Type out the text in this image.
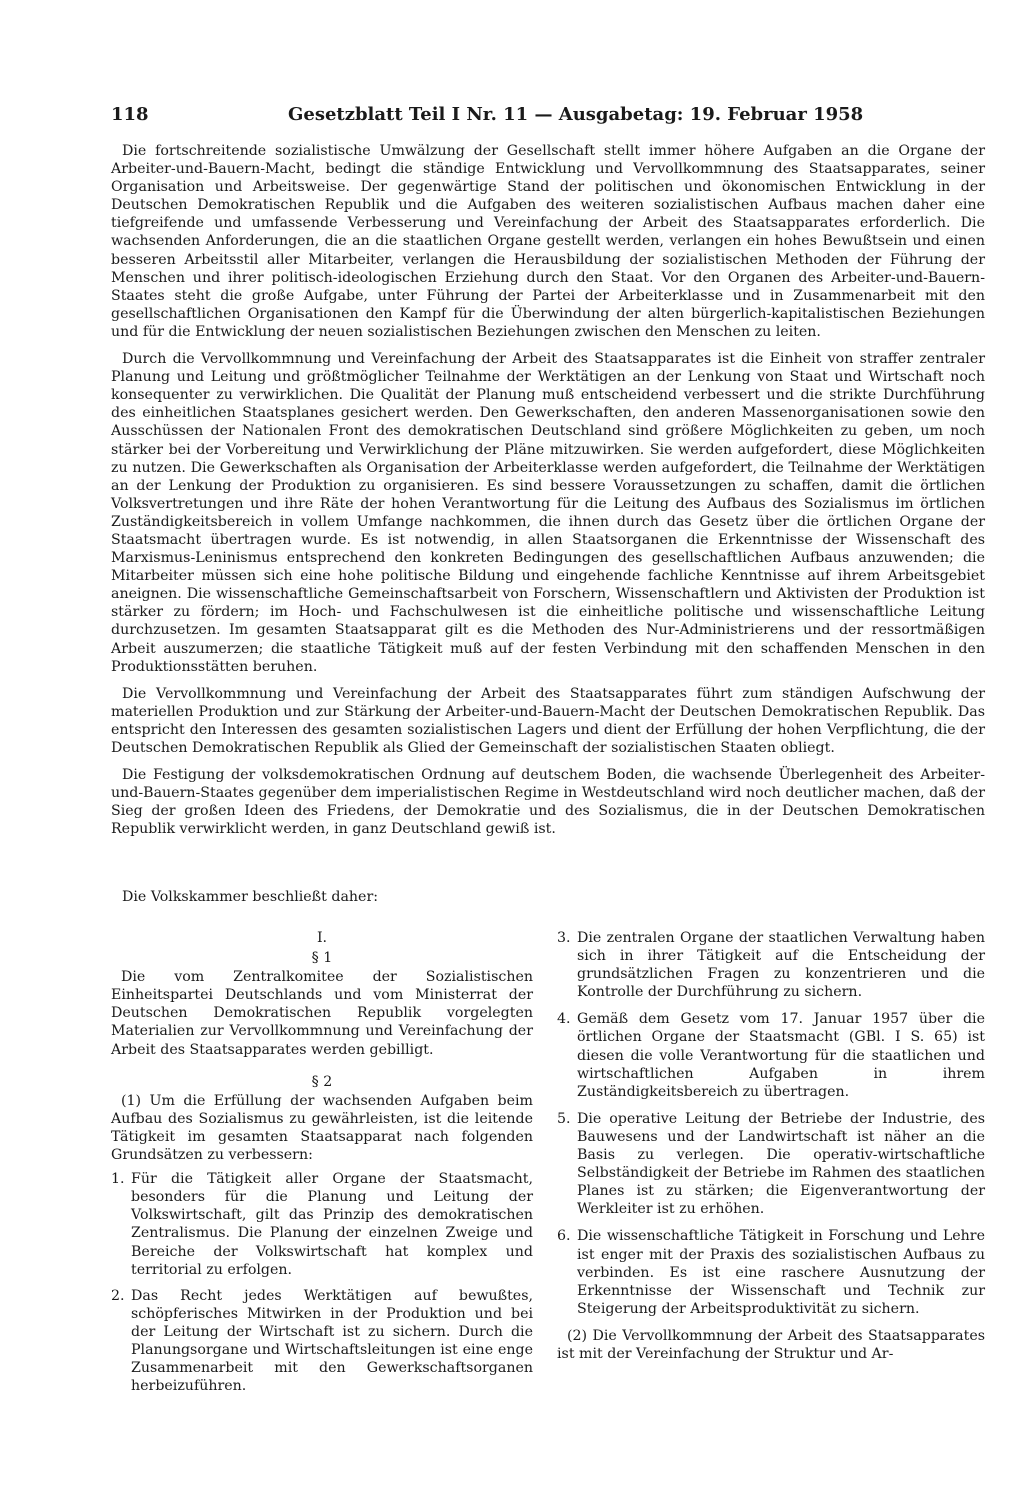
118	Gesetzblatt Teil I Nr. 11 — Ausgabetag: 19. Februar 1958

Die fortschreitende sozialistische Umwälzung der Gesellschaft stellt immer höhere Aufgaben an die Organe der Arbeiter-und-Bauern-Macht, bedingt die ständige Entwicklung und Vervollkommnung des Staatsapparates, seiner Organisation und Arbeitsweise. Der gegenwärtige Stand der politischen und ökonomischen Entwicklung in der Deutschen Demokratischen Republik und die Aufgaben des weiteren sozialistischen Aufbaus machen daher eine tiefgreifende und umfassende Verbesserung und Vereinfachung der Arbeit des Staatsapparates erforderlich. Die wachsenden Anforderungen, die an die staatlichen Organe gestellt werden, verlangen ein hohes Bewußtsein und einen besseren Arbeitsstil aller Mitarbeiter, verlangen die Herausbildung der sozialistischen Methoden der Führung der Menschen und ihrer politisch-ideologischen Erziehung durch den Staat. Vor den Organen des Arbeiter-und-Bauern-Staates steht die große Aufgabe, unter Führung der Partei der Arbeiterklasse und in Zusammenarbeit mit den gesellschaftlichen Organisationen den Kampf für die Überwindung der alten bürgerlich-kapitalistischen Beziehungen und für die Entwicklung der neuen sozialistischen Beziehungen zwischen den Menschen zu leiten.

Durch die Vervollkommnung und Vereinfachung der Arbeit des Staatsapparates ist die Einheit von straffer zentraler Planung und Leitung und größtmöglicher Teilnahme der Werktätigen an der Lenkung von Staat und Wirtschaft noch konsequenter zu verwirklichen. Die Qualität der Planung muß entscheidend verbessert und die strikte Durchführung des einheitlichen Staatsplanes gesichert werden. Den Gewerkschaften, den anderen Massenorganisationen sowie den Ausschüssen der Nationalen Front des demokratischen Deutschland sind größere Möglichkeiten zu geben, um noch stärker bei der Vorbereitung und Verwirklichung der Pläne mitzuwirken. Sie werden aufgefordert, diese Möglichkeiten zu nutzen. Die Gewerkschaften als Organisation der Arbeiterklasse werden aufgefordert, die Teilnahme der Werktätigen an der Lenkung der Produktion zu organisieren. Es sind bessere Voraussetzungen zu schaffen, damit die örtlichen Volksvertretungen und ihre Räte der hohen Verantwortung für die Leitung des Aufbaus des Sozialismus im örtlichen Zuständigkeitsbereich in vollem Umfange nachkommen, die ihnen durch das Gesetz über die örtlichen Organe der Staatsmacht übertragen wurde. Es ist notwendig, in allen Staatsorganen die Erkenntnisse der Wissenschaft des Marxismus-Leninismus entsprechend den konkreten Bedingungen des gesellschaftlichen Aufbaus anzuwenden; die Mitarbeiter müssen sich eine hohe politische Bildung und eingehende fachliche Kenntnisse auf ihrem Arbeitsgebiet aneignen. Die wissenschaftliche Gemeinschaftsarbeit von Forschern, Wissenschaftlern und Aktivisten der Produktion ist stärker zu fördern; im Hoch- und Fachschulwesen ist die einheitliche politische und wissenschaftliche Leitung durchzusetzen. Im gesamten Staatsapparat gilt es die Methoden des Nur-Administrierens und der ressortmäßigen Arbeit auszumerzen; die staatliche Tätigkeit muß auf der festen Verbindung mit den schaffenden Menschen in den Produktionsstätten beruhen.

Die Vervollkommnung und Vereinfachung der Arbeit des Staatsapparates führt zum ständigen Aufschwung der materiellen Produktion und zur Stärkung der Arbeiter-und-Bauern-Macht der Deutschen Demokratischen Republik. Das entspricht den Interessen des gesamten sozialistischen Lagers und dient der Erfüllung der hohen Verpflichtung, die der Deutschen Demokratischen Republik als Glied der Gemeinschaft der sozialistischen Staaten obliegt.

Die Festigung der volksdemokratischen Ordnung auf deutschem Boden, die wachsende Überlegenheit des Arbeiter-und-Bauern-Staates gegenüber dem imperialistischen Regime in Westdeutschland wird noch deutlicher machen, daß der Sieg der großen Ideen des Friedens, der Demokratie und des Sozialismus, die in der Deutschen Demokratischen Republik verwirklicht werden, in ganz Deutschland gewiß ist.

Die Volkskammer beschließt daher:

I.

§ 1

Die vom Zentralkomitee der Sozialistischen Einheitspartei Deutschlands und vom Ministerrat der Deutschen Demokratischen Republik vorgelegten Materialien zur Vervollkommnung und Vereinfachung der Arbeit des Staatsapparates werden gebilligt.

§ 2

(1) Um die Erfüllung der wachsenden Aufgaben beim Aufbau des Sozialismus zu gewährleisten, ist die leitende Tätigkeit im gesamten Staatsapparat nach folgenden Grundsätzen zu verbessern:

1. Für die Tätigkeit aller Organe der Staatsmacht, besonders für die Planung und Leitung der Volkswirtschaft, gilt das Prinzip des demokratischen Zentralismus. Die Planung der einzelnen Zweige und Bereiche der Volkswirtschaft hat komplex und territorial zu erfolgen.
2. Das Recht jedes Werktätigen auf bewußtes, schöpferisches Mitwirken in der Produktion und bei der Leitung der Wirtschaft ist zu sichern. Durch die Planungsorgane und Wirtschaftsleitungen ist eine enge Zusammenarbeit mit den Gewerkschaftsorganen herbeizuführen.
3. Die zentralen Organe der staatlichen Verwaltung haben sich in ihrer Tätigkeit auf die Entscheidung der grundsätzlichen Fragen zu konzentrieren und die Kontrolle der Durchführung zu sichern.
4. Gemäß dem Gesetz vom 17. Januar 1957 über die örtlichen Organe der Staatsmacht (GBl. I S. 65) ist diesen die volle Verantwortung für die staatlichen und wirtschaftlichen Aufgaben in ihrem Zuständigkeitsbereich zu übertragen.
5. Die operative Leitung der Betriebe der Industrie, des Bauwesens und der Landwirtschaft ist näher an die Basis zu verlegen. Die operativ-wirtschaftliche Selbständigkeit der Betriebe im Rahmen des staatlichen Planes ist zu stärken; die Eigenverantwortung der Werkleiter ist zu erhöhen.
6. Die wissenschaftliche Tätigkeit in Forschung und Lehre ist enger mit der Praxis des sozialistischen Aufbaus zu verbinden. Es ist eine raschere Ausnutzung der Erkenntnisse der Wissenschaft und Technik zur Steigerung der Arbeitsproduktivität zu sichern.

(2) Die Vervollkommnung der Arbeit des Staatsapparates ist mit der Vereinfachung der Struktur und Ar-
